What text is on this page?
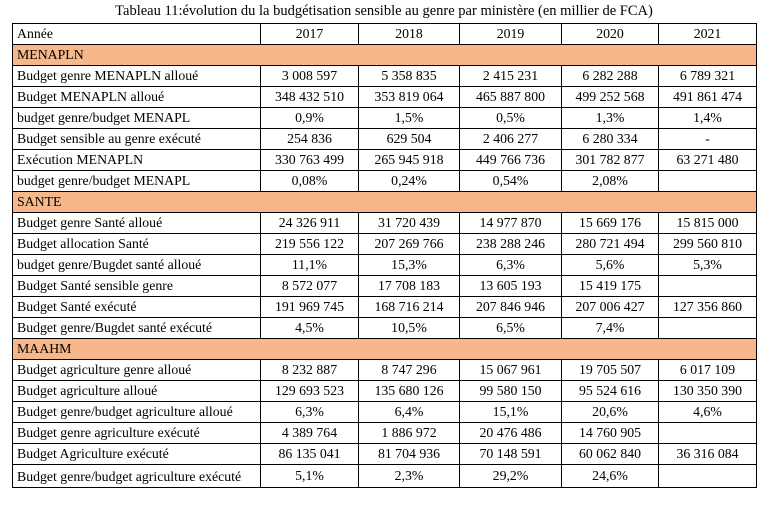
Tableau 11:évolution du la budgétisation sensible au genre par ministère (en millier de FCA)
Année	2017	2018	2019	2020	2021
MENAPLN					
Budget genre MENAPLN alloué	3 008 597	5 358 835	2 415 231	6 282 288	6 789 321
Budget MENAPLN alloué	348 432 510	353 819 064	465 887 800	499 252 568	491 861 474
budget genre/budget MENAPL	0,9%	1,5%	0,5%	1,3%	1,4%
Budget sensible au genre exécuté	254 836	629 504	2 406 277	6 280 334	-
Exécution MENAPLN	330 763 499	265 945 918	449 766 736	301 782 877	63 271 480
budget genre/budget MENAPL	0,08%	0,24%	0,54%	2,08%	
SANTE					
Budget genre Santé alloué	24 326 911	31 720 439	14 977 870	15 669 176	15 815 000
Budget allocation Santé	219 556 122	207 269 766	238 288 246	280 721 494	299 560 810
budget genre/Bugdet santé alloué	11,1%	15,3%	6,3%	5,6%	5,3%
Budget Santé sensible genre	8 572 077	17 708 183	13 605 193	15 419 175	
Budget Santé exécuté	191 969 745	168 716 214	207 846 946	207 006 427	127 356 860
Budget genre/Bugdet santé exécuté	4,5%	10,5%	6,5%	7,4%	
MAAHM					
Budget agriculture genre alloué	8 232 887	8 747 296	15 067 961	19 705 507	6 017 109
Budget agriculture alloué	129 693 523	135 680 126	99 580 150	95 524 616	130 350 390
Budget genre/budget agriculture alloué	6,3%	6,4%	15,1%	20,6%	4,6%
Budget genre agriculture exécuté	4 389 764	1 886 972	20 476 486	14 760 905	
Budget Agriculture exécuté	86 135 041	81 704 936	70 148 591	60 062 840	36 316 084
Budget genre/budget agriculture exécuté	5,1%	2,3%	29,2%	24,6%	
